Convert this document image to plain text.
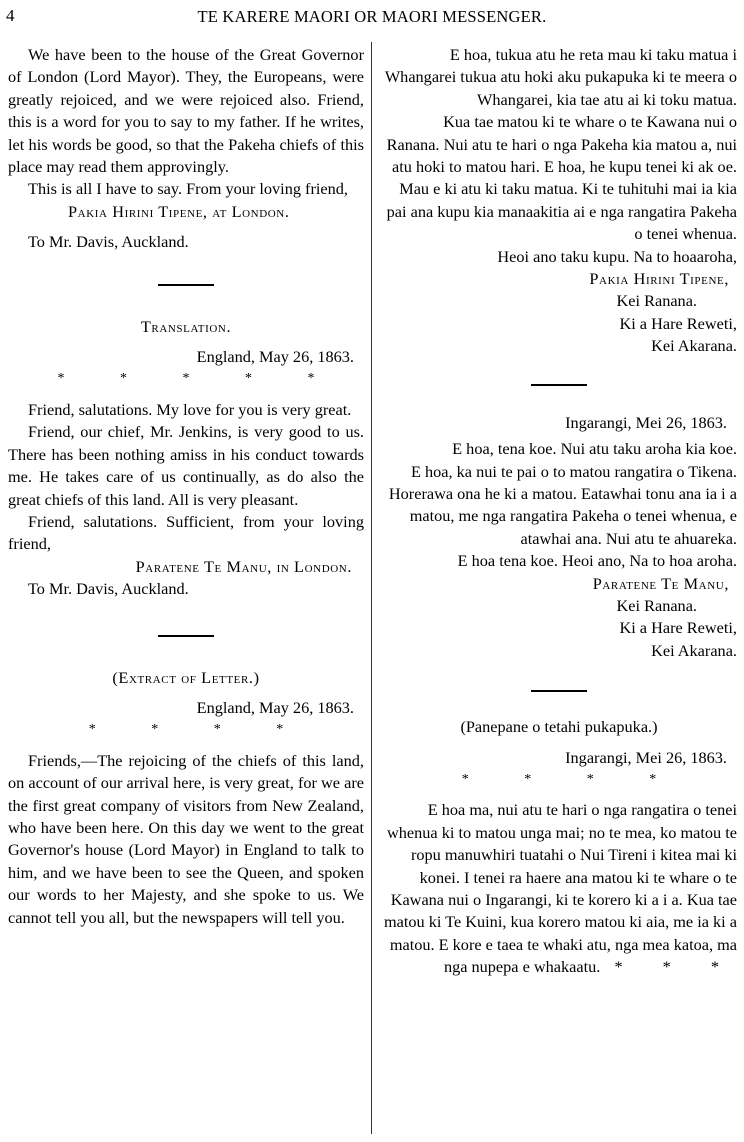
4	TE KARERE MAORI OR MAORI MESSENGER.

We have been to the house of the Great Governor of London (Lord Mayor). They, the Europeans, were greatly rejoiced, and we were rejoiced also. Friend, this is a word for you to say to my father. If he writes, let his words be good, so that the Pakeha chiefs of this place may read them approvingly.

This is all I have to say. From your loving friend,

Pakia Hirini Tipene, at London.

To Mr. Davis, Auckland.

Translation.

England, May 26, 1863.

* * * * *

Friend, salutations. My love for you is very great.

Friend, our chief, Mr. Jenkins, is very good to us. There has been nothing amiss in his conduct towards me. He takes care of us continually, as do also the great chiefs of this land. All is very pleasant.

Friend, salutations. Sufficient, from your loving friend,

Paratene Te Manu, in London.

To Mr. Davis, Auckland.

(Extract of Letter.)

England, May 26, 1863.

* * * *

Friends,—The rejoicing of the chiefs of this land, on account of our arrival here, is very great, for we are the first great company of visitors from New Zealand, who have been here. On this day we went to the great Governor's house (Lord Mayor) in England to talk to him, and we have been to see the Queen, and spoken our words to her Majesty, and she spoke to us. We cannot tell you all, but the newspapers will tell you.

E hoa, tukua atu he reta mau ki taku matua i Whangarei tukua atu hoki aku pukapuka ki te meera o Whangarei, kia tae atu ai ki toku matua.

Kua tae matou ki te whare o te Kawana nui o Ranana. Nui atu te hari o nga Pakeha kia matou a, nui atu hoki to matou hari. E hoa, he kupu tenei ki ak oe. Mau e ki atu ki taku matua. Ki te tuhituhi mai ia kia pai ana kupu kia manaakitia ai e nga rangatira Pakeha o tenei whenua.

Heoi ano taku kupu. Na to hoaaroha,

Pakia Hirini Tipene,

Kei Ranana.

Ki a Hare Reweti,

Kei Akarana.

Ingarangi, Mei 26, 1863.

E hoa, tena koe. Nui atu taku aroha kia koe.

E hoa, ka nui te pai o to matou rangatira o Tikena. Horerawa ona he ki a matou. Eatawhai tonu ana ia i a matou, me nga rangatira Pakeha o tenei whenua, e atawhai ana. Nui atu te ahuareka.

E hoa tena koe. Heoi ano, Na to hoa aroha.

Paratene Te Manu,

Kei Ranana.

Ki a Hare Reweti,

Kei Akarana.

(Panepane o tetahi pukapuka.)

Ingarangi, Mei 26, 1863.

* * * *

E hoa ma, nui atu te hari o nga rangatira o tenei whenua ki to matou unga mai; no te mea, ko matou te ropu manuwhiri tuatahi o Nui Tireni i kitea mai ki konei. I tenei ra haere ana matou ki te whare o te Kawana nui o Ingarangi, ki te korero ki a i a. Kua tae matou ki Te Kuini, kua korero matou ki aia, me ia ki a matou. E kore e taea te whaki atu, nga mea katoa, ma nga nupepa e whakaatu. * * *
